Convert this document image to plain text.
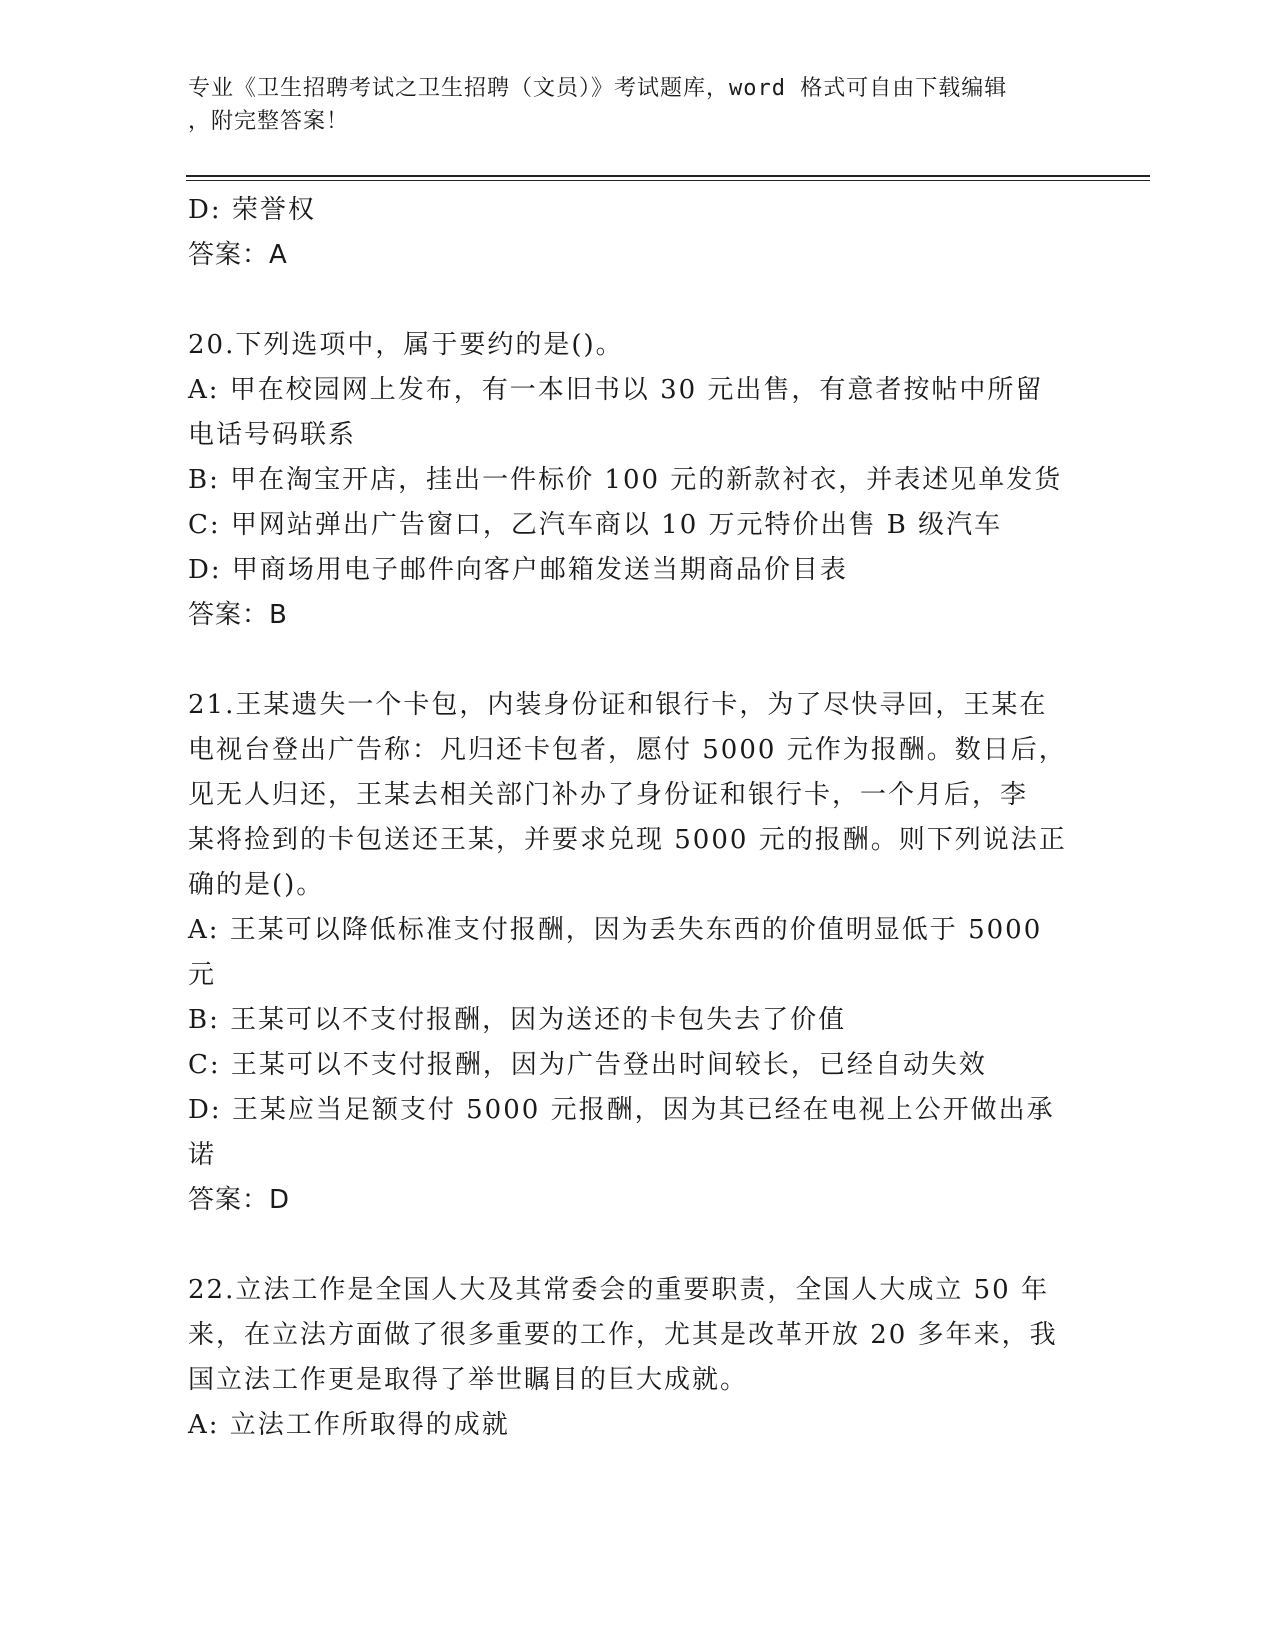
专业《卫生招聘考试之卫生招聘（文员）》考试题库，word 格式可自由下载编辑
，附完整答案！
D: 荣誉权
答案：A
20.下列选项中，属于要约的是()。
A: 甲在校园网上发布，有一本旧书以 30 元出售，有意者按帖中所留
电话号码联系
B: 甲在淘宝开店，挂出一件标价 100 元的新款衬衣，并表述见单发货
C: 甲网站弹出广告窗口，乙汽车商以 10 万元特价出售 B 级汽车
D: 甲商场用电子邮件向客户邮箱发送当期商品价目表
答案：B
21.王某遗失一个卡包，内装身份证和银行卡，为了尽快寻回，王某在
电视台登出广告称：凡归还卡包者，愿付 5000 元作为报酬。数日后，
见无人归还，王某去相关部门补办了身份证和银行卡，一个月后，李
某将捡到的卡包送还王某，并要求兑现 5000 元的报酬。则下列说法正
确的是()。
A: 王某可以降低标准支付报酬，因为丢失东西的价值明显低于 5000
元
B: 王某可以不支付报酬，因为送还的卡包失去了价值
C: 王某可以不支付报酬，因为广告登出时间较长，已经自动失效
D: 王某应当足额支付 5000 元报酬，因为其已经在电视上公开做出承
诺
答案：D
22.立法工作是全国人大及其常委会的重要职责，全国人大成立 50 年
来，在立法方面做了很多重要的工作，尤其是改革开放 20 多年来，我
国立法工作更是取得了举世瞩目的巨大成就。
A: 立法工作所取得的成就
